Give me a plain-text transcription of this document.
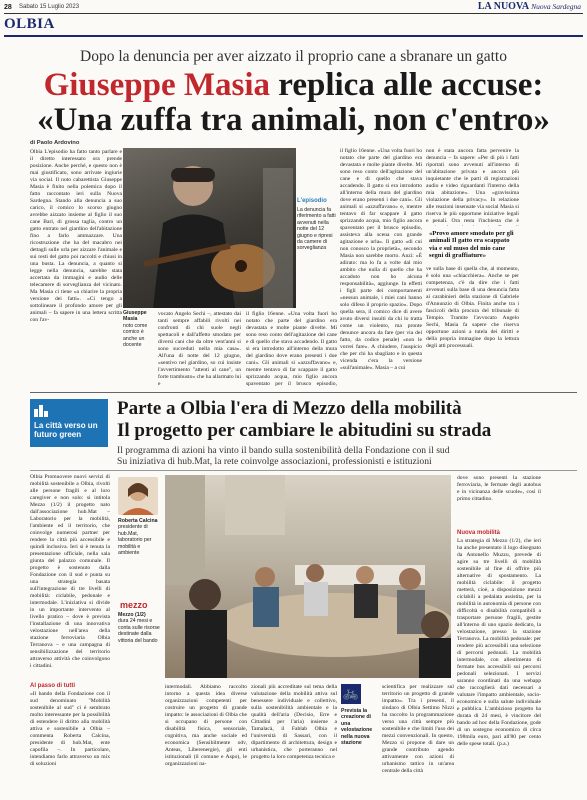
28 Sabato 15 Luglio 2023	LA NUOVA Nuova Sardegna
OLBIA
Dopo la denuncia per aver aizzato il proprio cane a sbranare un gatto
Giuseppe Masia replica alle accuse:
«Una zuffa tra animali, non c'entro»
di Paolo Ardovino
Olbia L'episodio ha fatto tanto parlare e il diretto interessato ora prende posizione. Anche perché, e questo non è mai giustificato, sono arrivate ingiurie via social. Il noto cabarettista Giuseppe Masia è finito nella polemica dopo il fatto raccontato ieri sulla Nuova Sardegna. Stando alla denuncia a suo carico, il comico lo scorso giugno avrebbe aizzato insieme al figlio il suo cane Bari, di grossa taglia, contro un gatto entrato nel giardino dell'abitazione fino a farlo ammazzare. Una ricostruzione che ha del macabro nei dettagli sulle urla per aizzare l'animale e sui resti del gatto poi raccolti e chiusi in una busta. La denuncia, a quanto si legge nella denuncia, sarebbe stata accertata da immagini e audio delle telecamere di sorveglianza del vicinato. Ma Masia ci tiene «a chiarire la propria versione dei fatti». «Ci tengo a sottolineare il profondo amore per gli animali – fa sapere in una lettera scritta con l'av-
L'episodio
La denuncia fa riferimento a fatti avvenuti nella notte del 12 giugno e ripresi da camere di sorveglianza
Giuseppe Masia
noto come comico è anche un docente
vocato Angelo Sechi –, attestato dai tanti sempre affabili rivolti nei confronti di chi suole negli spettacoli e dall'affetto smodato per diversi cani che da oltre vent'anni si sono succeduti nella mia casa». All'una di notte del 12 giugno, «sentivo nel giardino, so cui insiste l'avvertimento "attenti al cane", un forte trambusto» che ha allarmato lui e
il figlio 16enne. «Una volta fuori ho notato che parte del giardino era devastata e molte piante divelte. Mi sono reso conto dell'agitazione del cane e di quello che stava accadendo. Il gatto si era introdotto all'interno della mura del giardino dove erano presenti i due cani». Gli animali si «azzuffavano» e, mentre tentavo di far scappare il gatto sprizzando acqua, mio figlio ancora spaventato per il brusco episodio,
il figlio 16enne. «Una volta fuori ho notato che parte del giardino era devastata e molte piante divelte. Mi sono reso conto dell'agitazione del cane e di quello che stava accadendo. Il gatto si era introdotto all'interno della mura del giardino dove erano presenti i due cani». Gli animali si «azzuffavano» e, mentre tentavo di far scappare il gatto sprizzando acqua, mio figlio ancora spaventato per il brusco episodio, assisteva alla scena con grande agitazione e urla». Il gatto «di cui non conosco la proprietà», secondo Masia non sarebbe morto. Anzi: «È adirato: ma lo fa a volte dal mio ambito che nulla di quello che ha accaduto non ho alcuna responsabilità», aggiunge. In effetti i figli parte dei comportamenti «nessun animale, i miei cani hanno solo difeso il proprio spazio». Dopo quella sera, il comico dice di avere avuto diversi insulti da chi lo tratta come un violento, ma pronte denunce ancora da fare (per via del fatto, da codice penale) «non le vorrei fare». A chiudere, l'auspicio che per chi ha sbagliato e in questa vicenda c'era la versione «sull'animale». Masia – a cui
non è stata ancora fatta pervenire la denuncia – fa sapere: «Per di più i fatti riportati sono avvenuti all'interno di un'abitazione privata e ancora più inquietante che le parti di registrazioni audio e video riguardanti l'interno della mia abitazione». Una «gravissima violazione della privacy». In relazione alle reazioni insensate via social Masia si riserva le più opportune iniziative legali e penali. Ora resta l'inchiesta che è
«Provo amore smodato per gli animali Il gatto era scappato via e sul muso del mio cane segni di graffiature»
ve sulla base di quella che, al momento, è solo una «chiacchiera». Anche se per competenza, c'è da dire che i fatti avvenuti sulla base di una denuncia fatta ai carabinieri della stazione di Gabriele d'Annunzio di Olbia. Finita anche tra i fascicoli della procura del tribunale di Tempio. Tramite l'avvocato Angelo Sechi, Masia fa sapere che riserva opportune azioni a tutela dei diritti e della propria immagine dopo la lettura degli atti processuali.
La città verso un futuro green
Parte a Olbia l'era di Mezzo della mobilità
Il progetto per cambiare le abitudini su strada
Il programma di azioni ha vinto il bando sulla sostenibilità della Fondazione con il sud
Su iniziativa di hub.Mat, la rete coinvolge associazioni, professionisti e istituzioni
Olbia Promuovere nuovi servizi di mobilità sostenibile a Olbia, rivolti alle persone fragili e al loro caregiver e non solo: si intitola Mezzo (1/2) il progetto nato dall'associazione hub.Mat – Laboratorio per la mobilità, l'ambiente ed il territorio, che coinvolge numerosi partner per rendere la città più accessibile e quindi inclusiva. Ieri si è tenuta la presentazione ufficiale, nella sala giunta del palazzo comunale. Il progetto è sostenuto dalla Fondazione con il sud e punta su una strategia basata sull'integrazione di tre livelli di mobilità: ciclabile, pedonale e intermodale. L'iniziativa si divide in un importante intervento al livello pratico – dove è prevista l'installazione di una innovativa velostazione nell'area della stazione ferroviaria Olbia Terranova – e una campagna di sensibilizzazione del territorio attraverso attività che coinvolgono i cittadini.
Al passo di tutti
«Il bando della Fondazione con il sud denominato "Mobilità sostenibile al sud" ci è sembrato molto interessante per la possibilità di estendere il diritto alla mobilità attiva e sostenibile a Olbia –commenta Roberta Calcina, presidente di hub.Mat, ente capofila –. In particolare, intendiamo farlo attraverso un mix di soluzioni
Roberta Calcina
presidente di hub.Mat, laboratorio per mobilità e ambiente
mezzo
Mezzo (1/2)
dura 24 mesi e conta sulle risorse destinate dalla vittoria del bando
intermodali. Abbiamo raccolto intorno a questa idea diverse organizzazioni competenti per costruire un progetto di grande impatto: le associazioni di Olbia che si occupano di persone con disabilità fisica, sensoriale, cognitiva, ma anche sociale ed economica (Sensibilmente odv, Anteas, Liberenergie), gli enti istituzionali (il comune e Aspo), le organizzazioni na-
zionali più accreditate sul tema della valutazione della mobilità attiva sul benessere individuale e collettivo, sulla sostenibilità ambientale e la qualità dell'aria (Decisio, Erre e Cittadini per l'aria) insieme a Tamalacà, il Fablab Olbia e l'università di Sassari, con il dipartimento di architettura, design e urbanistica, che porteranno nel progetto la loro competenza tecnica e
🚲
Prevista la creazione di una velostazione nella nuova stazione
scientifica per realizzare sul territorio un progetto di grande impatto». Tra i presenti, il sindaco di Olbia Settimo Nizzi ha raccolto la programmazione verso una città sempre più sostenibile e che limiti l'uso dei mezzi convenzionali. In questo, Mezzo si propone di dare un grande contributo agendo attivamente con azioni di urbanismo tattico in un'area centrale della città
dove sono presenti la stazione ferroviaria, le fermate degli autobus e in vicinanza delle scuole», così il primo cittadino.
Nuova mobilità
La strategia di Mezzo (1/2), che ieri ha anche presentato il logo disegnato da Antonello Muzzu, prevede di agire su tre livelli di mobilità sostenibile al fine di offrire più alternative di spostamento. La mobilità ciclabile: il progetto metterà, cioè, a disposizione mezzi ciclabili a pedalata assistita, per la mobilità in autonomia di persone con difficoltà o disabilità compatibili a trasportare persone fragili, gestite all'interno di uno spazio dedicato, la velostazione, presso la stazione Terranova. La mobilità pedonale: per rendere più accessibili una selezione di percorsi pedonali. La mobilità intermodale, con allestimento di fermate bus accessibili sui percorsi pedonali selezionati. I servizi saranno coordinati da una webapp che raccoglierà dati necessari a valutare l'impatto ambientale, socio-economico e sulla salute individuale e pubblica. L'ambizioso progetto ha durata di 24 mesi, è vincitore del bando ad hoc della Fondazione, gode di un sostegno economico di circa 198mila euro, pari all'80 per cento delle spese totali. (p.a.)
